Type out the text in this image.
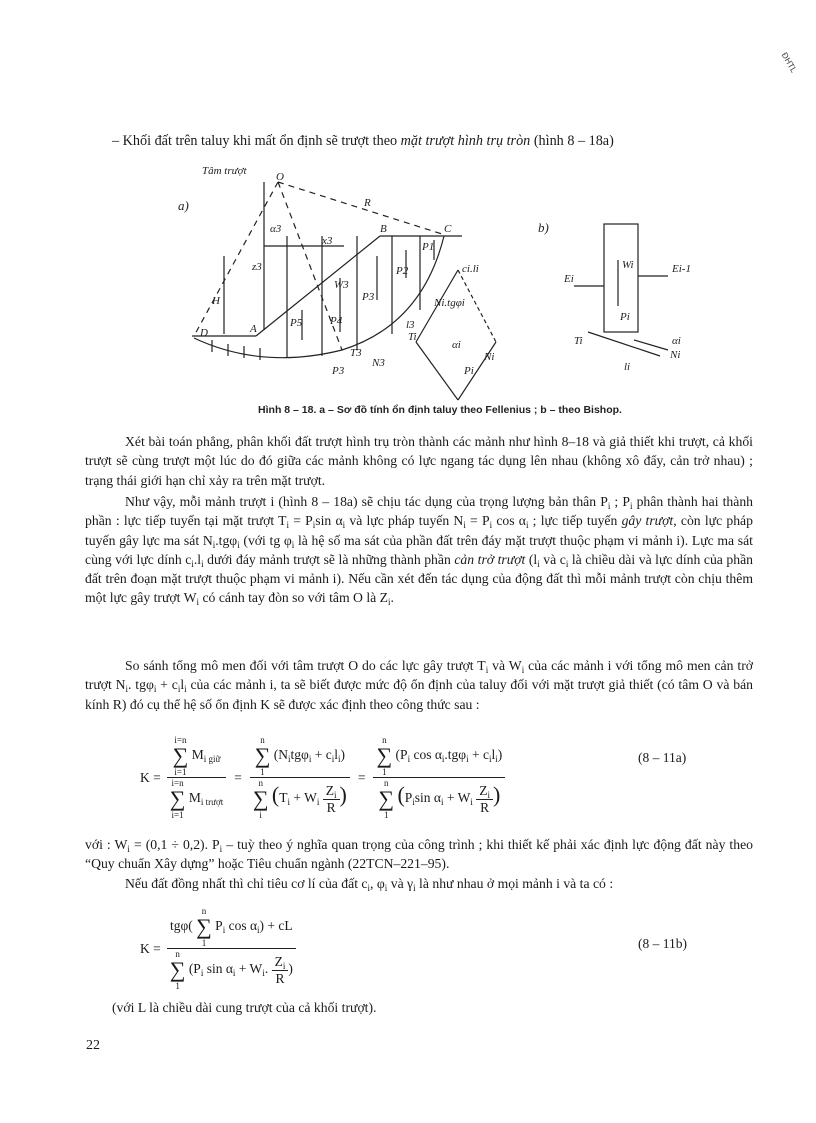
ĐHTL
– Khối đất trên taluy khi mất ổn định sẽ trượt theo mặt trượt hình trụ tròn (hình 8 – 18a)
Tâm trượt	O
a)	R
B	C
A
D
H
α3
x3
z3
W3
P3
P2
P1
P4
P5
T3
N3
l3
P3
Ti
Ni
Pi
ci.li
Ni.tgφi
αi
b)
Ei
Ei-1
Wi
Pi
Ti
Ni
αi
li
Hình 8 – 18. a – Sơ đồ tính ổn định taluy theo Fellenius ; b – theo Bishop.
Xét bài toán phẳng, phân khối đất trượt hình trụ tròn thành các mảnh như hình 8–18 và giả thiết khi trượt, cả khối trượt sẽ cùng trượt một lúc do đó giữa các mảnh không có lực ngang tác dụng lên nhau (không xô đẩy, cản trở nhau) ; trạng thái giới hạn chỉ xảy ra trên mặt trượt.
Như vậy, mỗi mảnh trượt i (hình 8 – 18a) sẽ chịu tác dụng của trọng lượng bản thân $P_i$ ; $P_i$ phân thành hai thành phần : lực tiếp tuyến tại mặt trượt $T_i = P_i\sin$ $\alpha_i$ và lực pháp tuyến $N_i = P_i$ $\cos \alpha_i$ ; lực tiếp tuyến gây trượt, còn lực pháp tuyến gây lực ma sát $N_i.tg\varphi_i$ (với tg $\varphi_i$ là hệ số ma sát của phần đất trên đáy mặt trượt thuộc phạm vi mảnh i). Lực ma sát cùng với lực dính $c_i.l_i$ dưới đáy mảnh trượt sẽ là những thành phần cản trở trượt ($l_i$ và $c_i$ là chiều dài và lực dính của phần đất trên đoạn mặt trượt thuộc phạm vi mảnh i). Nếu cần xét đến tác dụng của động đất thì mỗi mảnh trượt còn chịu thêm một lực gây trượt $W_i$ có cánh tay đòn so với tâm O là $Z_i$.
So sánh tổng mô men đối với tâm trượt O do các lực gây trượt $T_i$ và $W_i$ của các mảnh i với tổng mô men cản trở trượt $N_i$. $tg\varphi_i + c_il_i$ của các mảnh i, ta sẽ biết được mức độ ổn định của taluy đối với mặt trượt giả thiết (có tâm O và bán kính R) đó cụ thể hệ số ổn định K sẽ được xác định theo công thức sau :
K = i=n
∑
i=1
$M_{i giữ}$
i=n
∑
i=1
$M_{i trượt} = n$
∑
1
$(N_itg\varphi_i + c_il_i)$
n
∑
i
($T_i + W_i \frac{Z_i}{R}$ ) = n
∑
1
($P_i$ $\cos \alpha_i.tg\varphi_i + c_il_i$)
n
∑
1
($P_i\sin$ $\alpha_i + W_i \frac{Z_i}{R}$ )	(8 – 11a)
với : $W_i = (0,1 \div 0,2)$. $P_i$ – tuỳ theo ý nghĩa quan trọng của công trình ; khi thiết kế phải xác định lực động đất này theo “Quy chuẩn Xây dựng” hoặc Tiêu chuẩn ngành (22TCN–221–95).
Nếu đất đồng nhất thì chỉ tiêu cơ lí của đất $c_i$, $\varphi_i$ và $\gamma_i$ là như nhau ở mọi mảnh i và ta có :
K = tgφ(
n
∑
1
$P_i$ $\cos \alpha_i$) + cL
n
∑
1
($P_i$ $\sin \alpha_i + W_i$. $\frac{Z_i}{R}$ )	(8 – 11b)
(với L là chiều dài cung trượt của cả khối trượt).
22
